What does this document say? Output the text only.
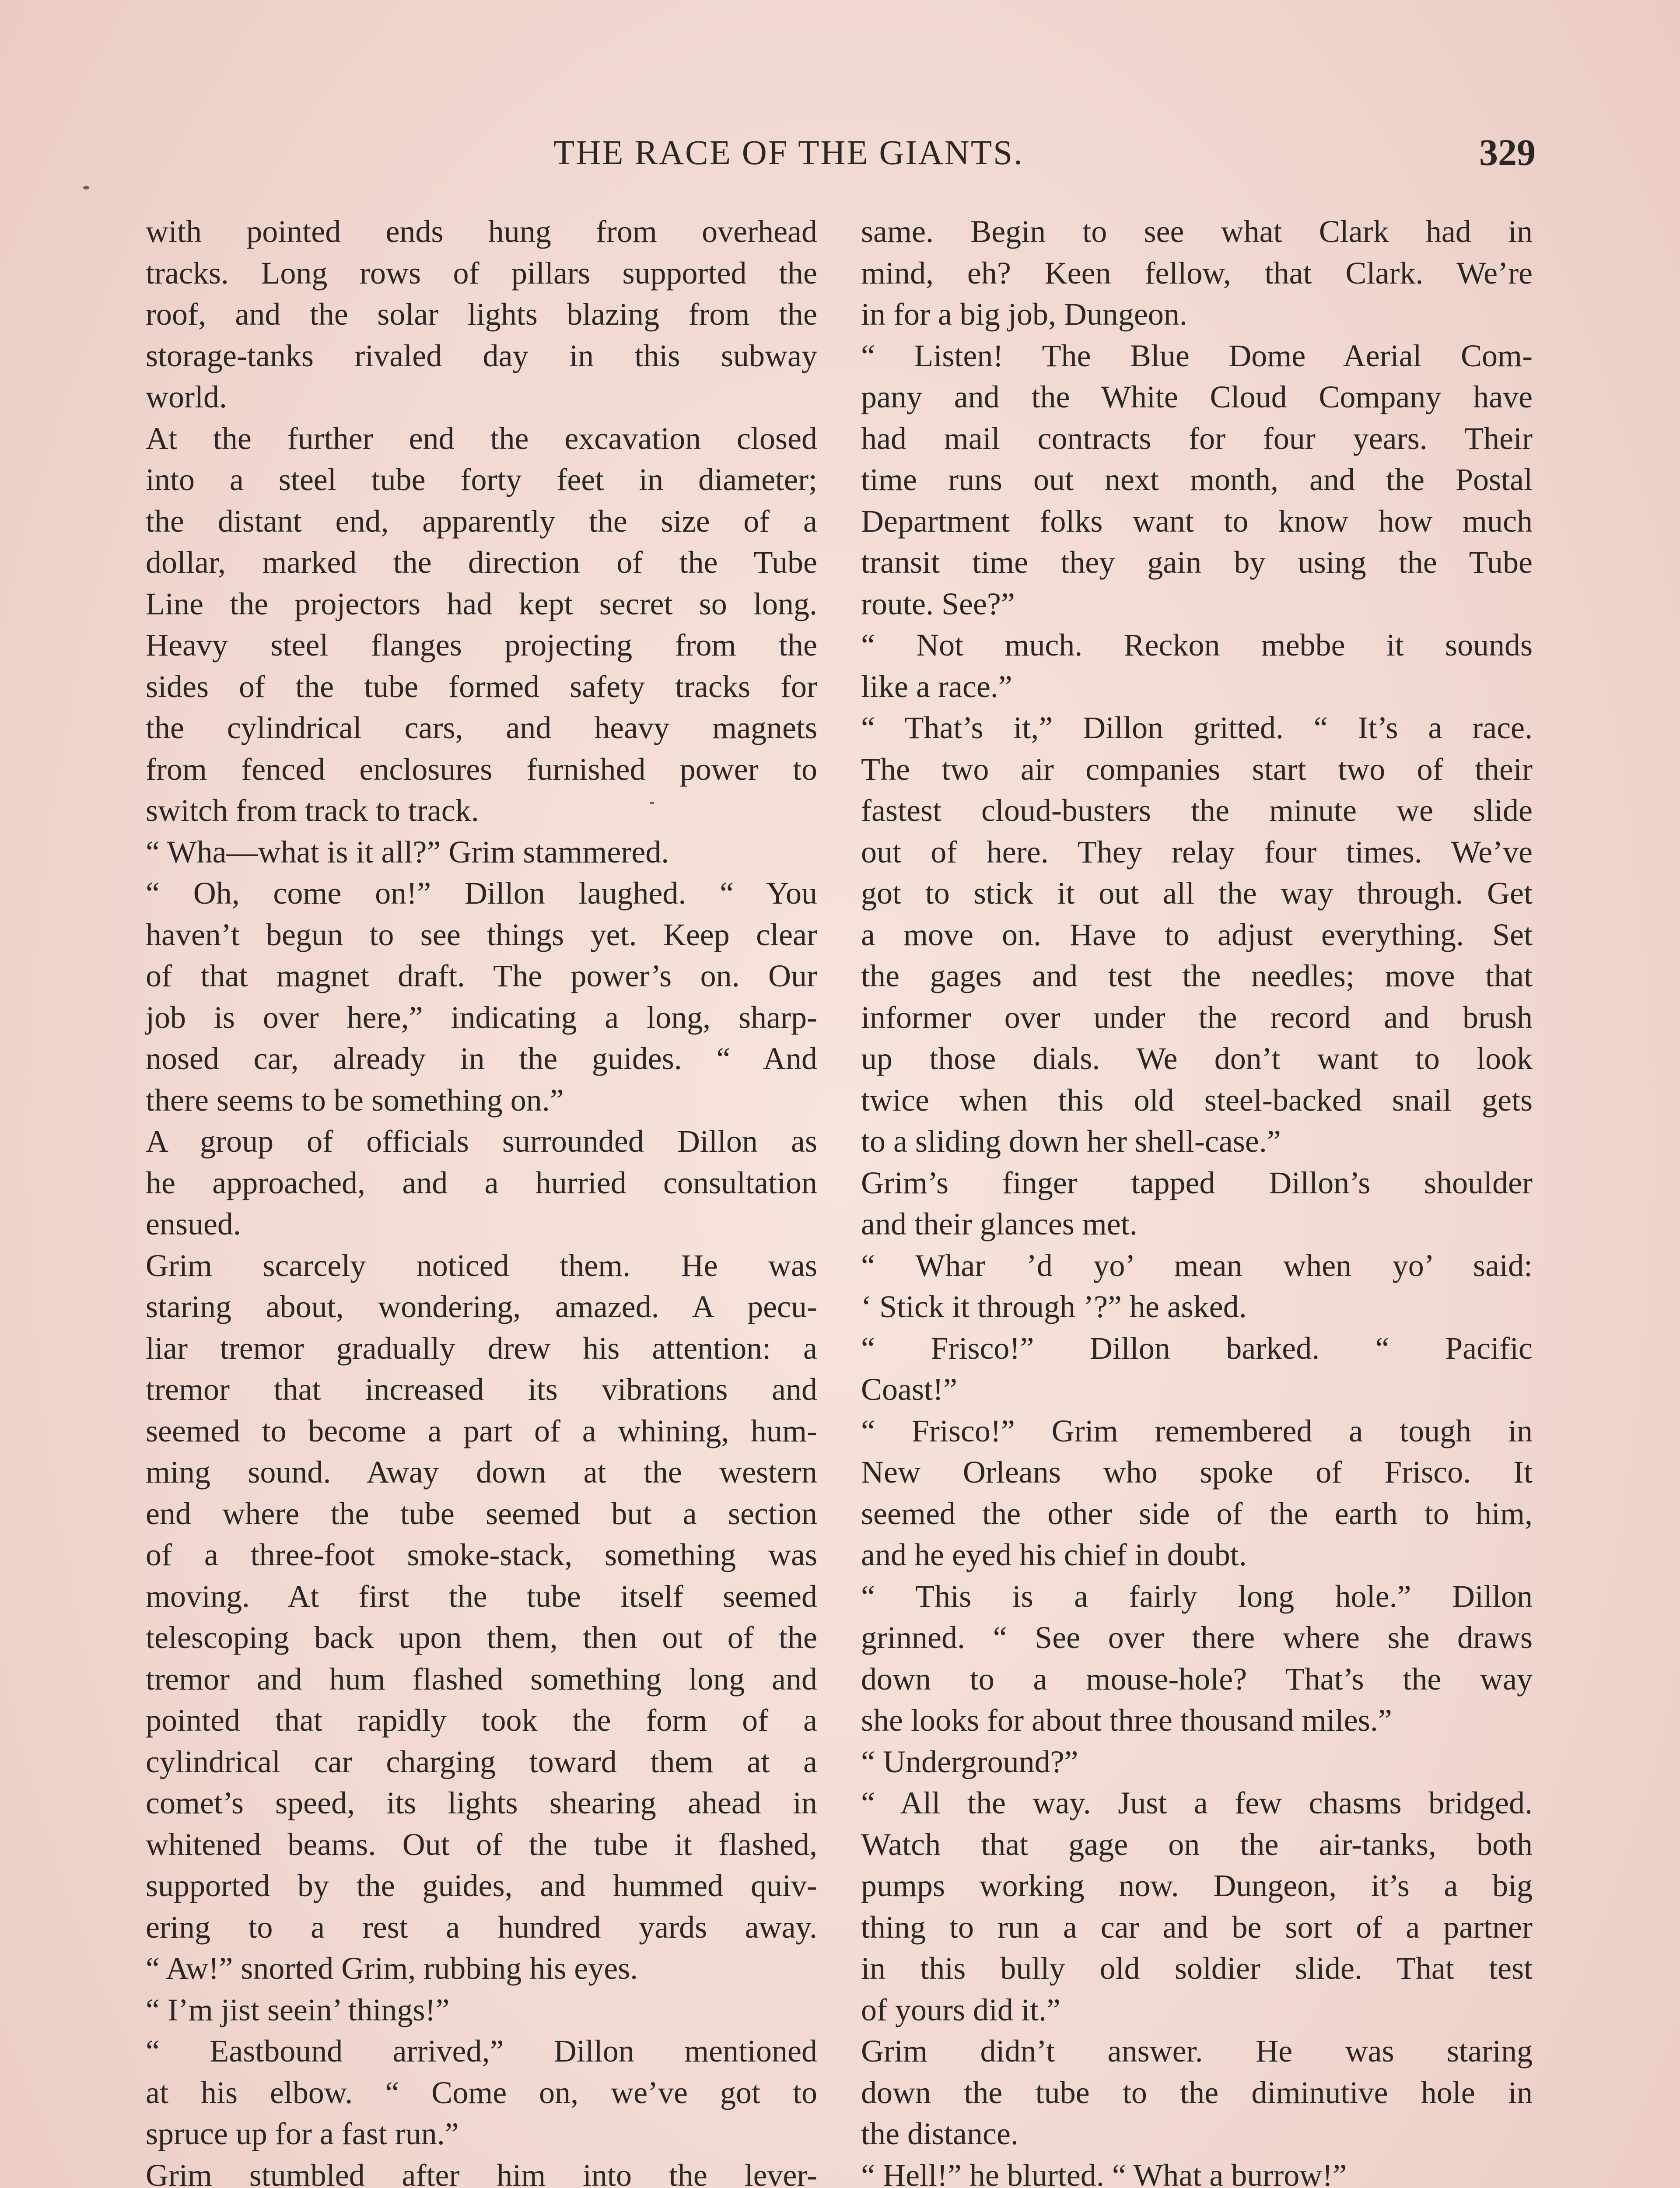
THE RACE OF THE GIANTS.	329
with pointed ends hung from overhead
tracks. Long rows of pillars supported the
roof, and the solar lights blazing from the
storage-tanks rivaled day in this subway
world.
At the further end the excavation closed
into a steel tube forty feet in diameter;
the distant end, apparently the size of a
dollar, marked the direction of the Tube
Line the projectors had kept secret so long.
Heavy steel flanges projecting from the
sides of the tube formed safety tracks for
the cylindrical cars, and heavy magnets
from fenced enclosures furnished power to
switch from track to track.
“ Wha—what is it all?” Grim stammered.
“ Oh, come on!” Dillon laughed. “ You
haven’t begun to see things yet. Keep clear
of that magnet draft. The power’s on. Our
job is over here,” indicating a long, sharp-
nosed car, already in the guides. “ And
there seems to be something on.”
A group of officials surrounded Dillon as
he approached, and a hurried consultation
ensued.
Grim scarcely noticed them. He was
staring about, wondering, amazed. A pecu-
liar tremor gradually drew his attention: a
tremor that increased its vibrations and
seemed to become a part of a whining, hum-
ming sound. Away down at the western
end where the tube seemed but a section
of a three-foot smoke-stack, something was
moving. At first the tube itself seemed
telescoping back upon them, then out of the
tremor and hum flashed something long and
pointed that rapidly took the form of a
cylindrical car charging toward them at a
comet’s speed, its lights shearing ahead in
whitened beams. Out of the tube it flashed,
supported by the guides, and hummed quiv-
ering to a rest a hundred yards away.
“ Aw!” snorted Grim, rubbing his eyes.
“ I’m jist seein’ things!”
“ Eastbound arrived,” Dillon mentioned
at his elbow. “ Come on, we’ve got to
spruce up for a fast run.”
Grim stumbled after him into the lever-
same. Begin to see what Clark had in
mind, eh? Keen fellow, that Clark. We’re
in for a big job, Dungeon.
“ Listen! The Blue Dome Aerial Com-
pany and the White Cloud Company have
had mail contracts for four years. Their
time runs out next month, and the Postal
Department folks want to know how much
transit time they gain by using the Tube
route. See?”
“ Not much. Reckon mebbe it sounds
like a race.”
“ That’s it,” Dillon gritted. “ It’s a race.
The two air companies start two of their
fastest cloud-busters the minute we slide
out of here. They relay four times. We’ve
got to stick it out all the way through. Get
a move on. Have to adjust everything. Set
the gages and test the needles; move that
informer over under the record and brush
up those dials. We don’t want to look
twice when this old steel-backed snail gets
to a sliding down her shell-case.”
Grim’s finger tapped Dillon’s shoulder
and their glances met.
“ Whar ’d yo’ mean when yo’ said:
‘ Stick it through ’?” he asked.
“ Frisco!” Dillon barked. “ Pacific
Coast!”
“ Frisco!” Grim remembered a tough in
New Orleans who spoke of Frisco. It
seemed the other side of the earth to him,
and he eyed his chief in doubt.
“ This is a fairly long hole.” Dillon
grinned. “ See over there where she draws
down to a mouse-hole? That’s the way
she looks for about three thousand miles.”
“ Underground?”
“ All the way. Just a few chasms bridged.
Watch that gage on the air-tanks, both
pumps working now. Dungeon, it’s a big
thing to run a car and be sort of a partner
in this bully old soldier slide. That test
of yours did it.”
Grim didn’t answer. He was staring
down the tube to the diminutive hole in
the distance.
“ Hell!” he blurted. “ What a burrow!”
